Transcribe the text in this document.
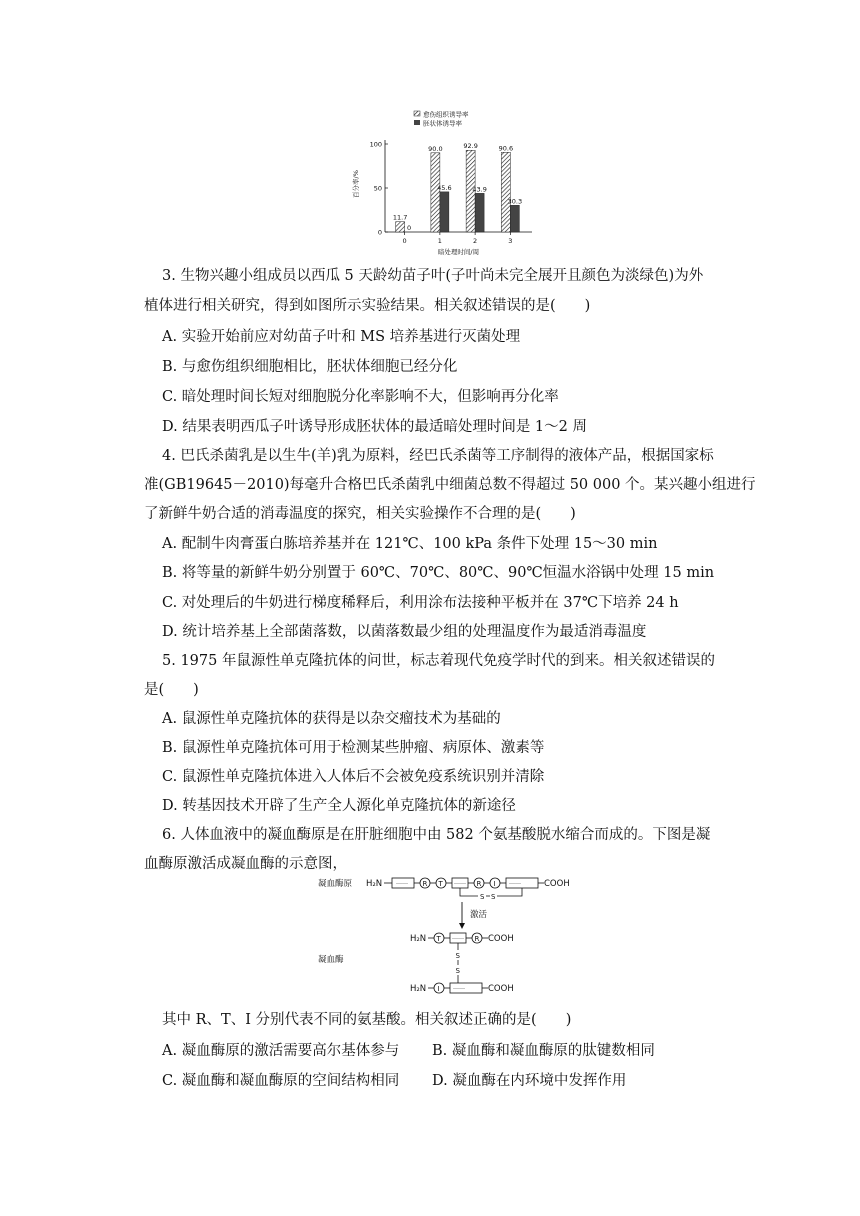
愈伤组织诱导率
胚状体诱导率
0
50
100
百分率/%
11.7
0
0
90.0
45.6
1
92.9
43.9
2
90.6
30.3
3
暗处理时间/周
3. 生物兴趣小组成员以西瓜 5 天龄幼苗子叶(子叶尚未完全展开且颜色为淡绿色)为外
植体进行相关研究，得到如图所示实验结果。相关叙述错误的是(　　)
A. 实验开始前应对幼苗子叶和 MS 培养基进行灭菌处理
B. 与愈伤组织细胞相比，胚状体细胞已经分化
C. 暗处理时间长短对细胞脱分化率影响不大，但影响再分化率
D. 结果表明西瓜子叶诱导形成胚状体的最适暗处理时间是 1～2 周
4. 巴氏杀菌乳是以生牛(羊)乳为原料，经巴氏杀菌等工序制得的液体产品，根据国家标
准(GB19645－2010)每毫升合格巴氏杀菌乳中细菌总数不得超过 50 000 个。某兴趣小组进行
了新鲜牛奶合适的消毒温度的探究，相关实验操作不合理的是(　　)
A. 配制牛肉膏蛋白胨培养基并在 121℃、100 kPa 条件下处理 15～30 min
B. 将等量的新鲜牛奶分别置于 60℃、70℃、80℃、90℃恒温水浴锅中处理 15 min
C. 对处理后的牛奶进行梯度稀释后，利用涂布法接种平板并在 37℃下培养 24 h
D. 统计培养基上全部菌落数，以菌落数最少组的处理温度作为最适消毒温度
5. 1975 年鼠源性单克隆抗体的问世，标志着现代免疫学时代的到来。相关叙述错误的
是(　　)
A. 鼠源性单克隆抗体的获得是以杂交瘤技术为基础的
B. 鼠源性单克隆抗体可用于检测某些肿瘤、病原体、激素等
C. 鼠源性单克隆抗体进入人体后不会被免疫系统识别并清除
D. 转基因技术开辟了生产全人源化单克隆抗体的新途径
6. 人体血液中的凝血酶原是在肝脏细胞中由 582 个氨基酸脱水缩合而成的。下图是凝
血酶原激活成凝血酶的示意图，
凝血酶原 H₂N …… R T …… R I ……	COOH
S S
激活
凝血酶
H₂N T …… R COOH
S
S
H₂N I ……	COOH
其中 R、T、I 分别代表不同的氨基酸。相关叙述正确的是(　　)
A. 凝血酶原的激活需要高尔基体参与 B. 凝血酶和凝血酶原的肽键数相同
C. 凝血酶和凝血酶原的空间结构相同 D. 凝血酶在内环境中发挥作用
